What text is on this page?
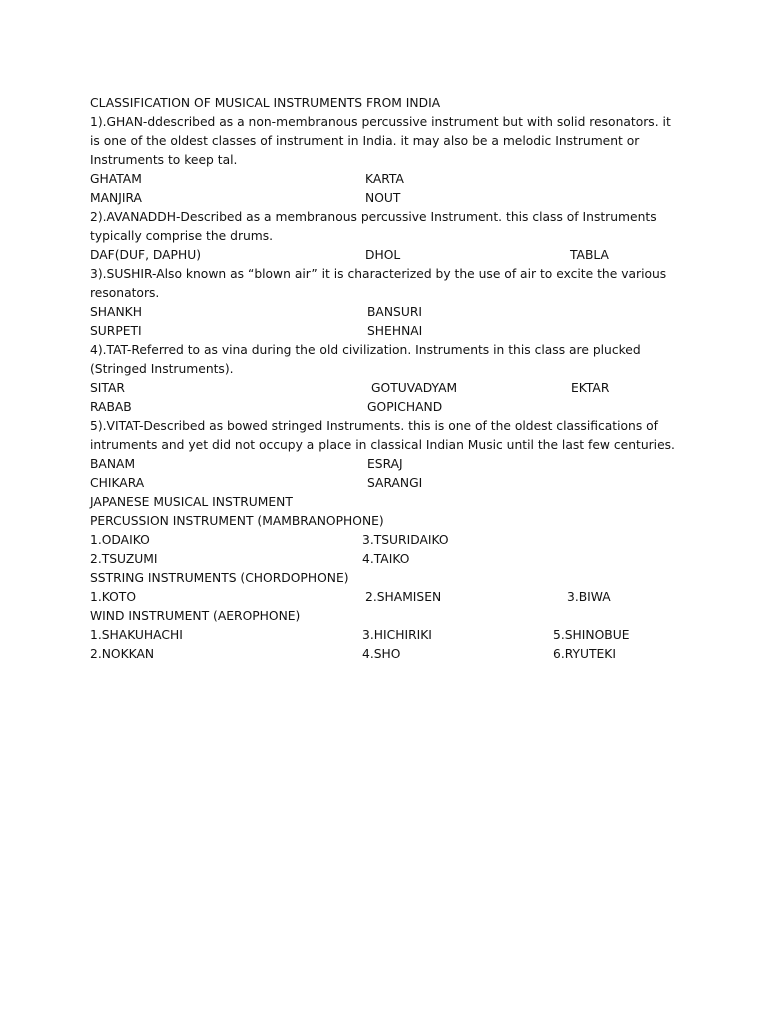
CLASSIFICATION OF MUSICAL INSTRUMENTS FROM INDIA
1).GHAN-ddescribed as a non-membranous percussive instrument but with solid resonators. it is one of the oldest classes of instrument in India. it may also be a melodic Instrument or Instruments to keep tal.
GHATAM	KARTA
MANJIRA	NOUT
2).AVANADDH-Described as a membranous percussive Instrument. this class of Instruments typically comprise the drums.
DAF(DUF, DAPHU)	DHOL	TABLA
3).SUSHIR-Also known as “blown air” it is characterized by the use of air to excite the various resonators.
SHANKH	BANSURI
SURPETI	SHEHNAI
4).TAT-Referred to as vina during the old civilization. Instruments in this class are plucked (Stringed Instruments).
SITAR	GOTUVADYAM	EKTAR
RABAB	GOPICHAND
5).VITAT-Described as bowed stringed Instruments. this is one of the oldest classifications of intruments and yet did not occupy a place in classical Indian Music until the last few centuries.
BANAM	ESRAJ
CHIKARA	SARANGI
JAPANESE MUSICAL INSTRUMENT
PERCUSSION INSTRUMENT (MAMBRANOPHONE)
1.ODAIKO	3.TSURIDAIKO
2.TSUZUMI	4.TAIKO
SSTRING INSTRUMENTS (CHORDOPHONE)
1.KOTO	2.SHAMISEN	3.BIWA
WIND INSTRUMENT (AEROPHONE)
1.SHAKUHACHI	3.HICHIRIKI	5.SHINOBUE
2.NOKKAN	4.SHO	6.RYUTEKI
